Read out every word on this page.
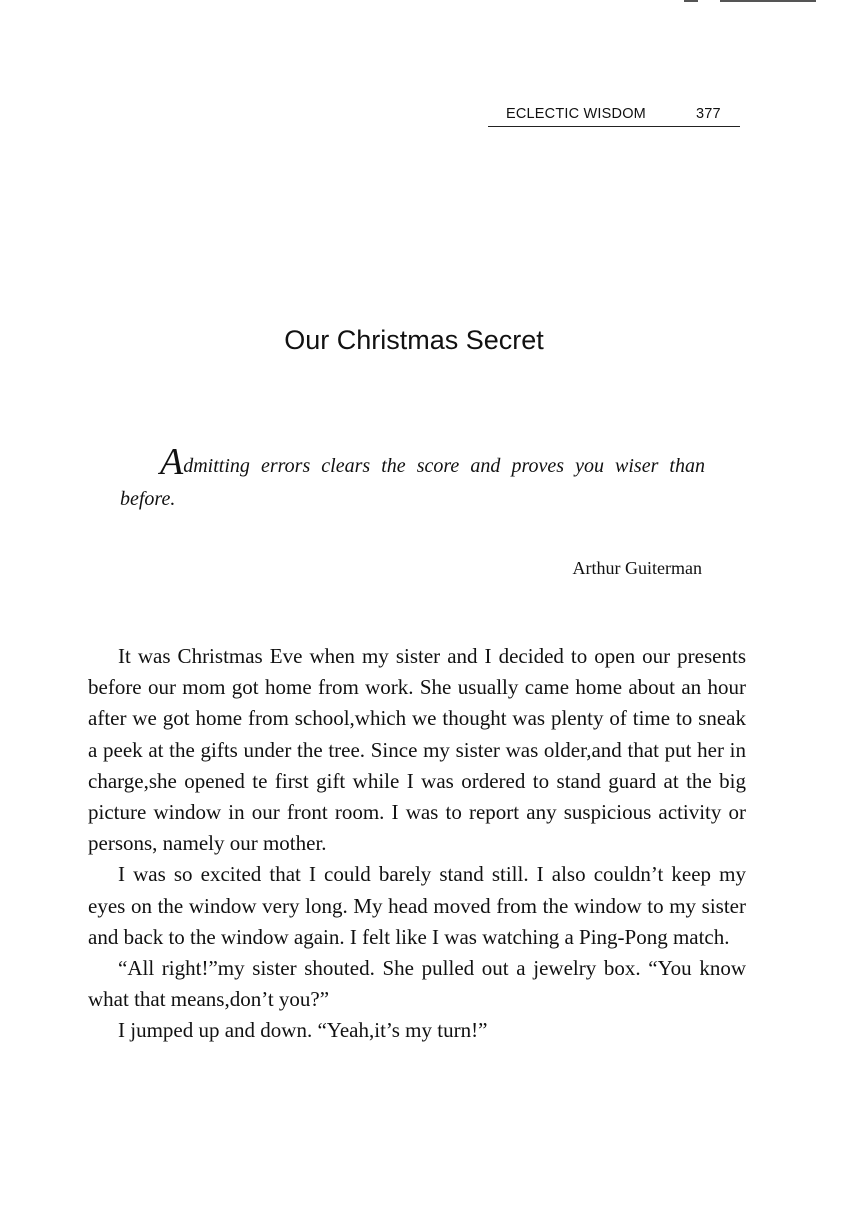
ECLECTIC WISDOM	377
Our Christmas Secret
Admitting errors clears the score and proves you wiser than before.
Arthur Guiterman

It was Christmas Eve when my sister and I decided to open our presents before our mom got home from work. She usually came home about an hour after we got home from school,which we thought was plenty of time to sneak a peek at the gifts under the tree. Since my sister was older,and that put her in charge,she opened te first gift while I was ordered to stand guard at the big picture window in our front room. I was to report any suspicious activity or persons, namely our mother.

I was so excited that I could barely stand still. I also couldn’t keep my eyes on the window very long. My head moved from the window to my sister and back to the window again. I felt like I was watching a Ping-Pong match.

“All right!”my sister shouted. She pulled out a jewelry box. “You know what that means,don’t you?”

I jumped up and down. “Yeah,it’s my turn!”
